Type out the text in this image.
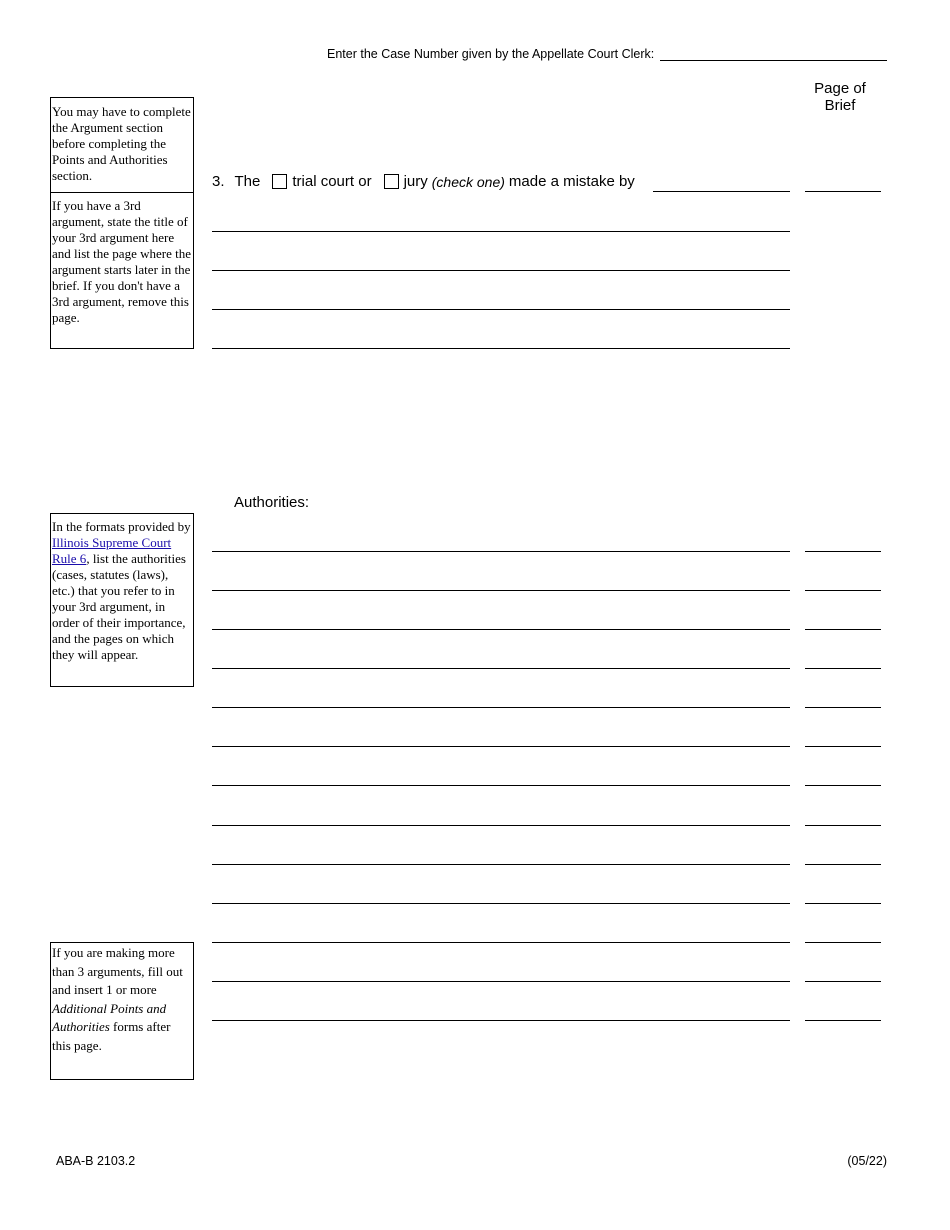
Enter the Case Number given by the Appellate Court Clerk:
Page of
Brief
You may have to complete the Argument section before completing the Points and Authorities section.
If you have a 3rd argument, state the title of your 3rd argument here and list the page where the argument starts later in the brief. If you don't have a 3rd argument, remove this page.
In the formats provided by Illinois Supreme Court Rule 6, list the authorities (cases, statutes (laws), etc.) that you refer to in your 3rd argument, in order of their importance, and the pages on which they will appear.
If you are making more than 3 arguments, fill out and insert 1 or more Additional Points and Authorities forms after this page.
3. The trial court or jury (check one) made a mistake by
Authorities:
ABA-B 2103.2	(05/22)
